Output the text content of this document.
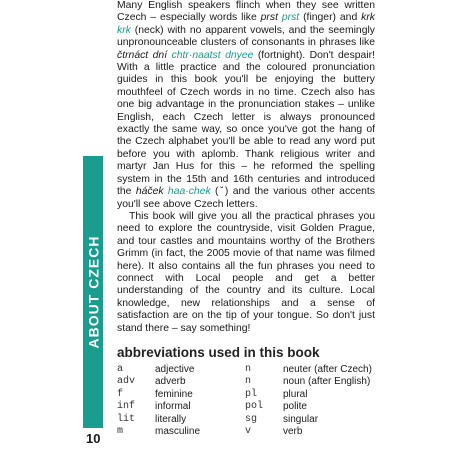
ABOUT CZECH
10

Many English speakers flinch when they see written Czech – especially words like prst prst (finger) and krk krk (neck) with no apparent vowels, and the seemingly unpronounceable clusters of consonants in phrases like čtrnáct dní chtr·naatst dnyee (fortnight). Don't despair! With a little practice and the coloured pronunciation guides in this book you'll be enjoying the buttery mouthfeel of Czech words in no time. Czech also has one big advantage in the pronunciation stakes – unlike English, each Czech letter is always pronounced exactly the same way, so once you've got the hang of the Czech alphabet you'll be able to read any word put before you with aplomb. Thank religious writer and martyr Jan Hus for this – he reformed the spelling system in the 15th and 16th centuries and introduced the háček haa·chek (ˇ) and the various other accents you'll see above Czech letters.

This book will give you all the practical phrases you need to explore the countryside, visit Golden Prague, and tour castles and mountains worthy of the Brothers Grimm (in fact, the 2005 movie of that name was filmed here). It also contains all the fun phrases you need to connect with Local people and get a better understanding of the country and its culture. Local knowledge, new relationships and a sense of satisfaction are on the tip of your tongue. So don't just stand there – say something!

abbreviations used in this book
a	adjective	n	neuter (after Czech)
adv	adverb	n	noun (after English)
f	feminine	pl	plural
inf	informal	pol	polite
lit	literally	sg	singular
m	masculine	v	verb
